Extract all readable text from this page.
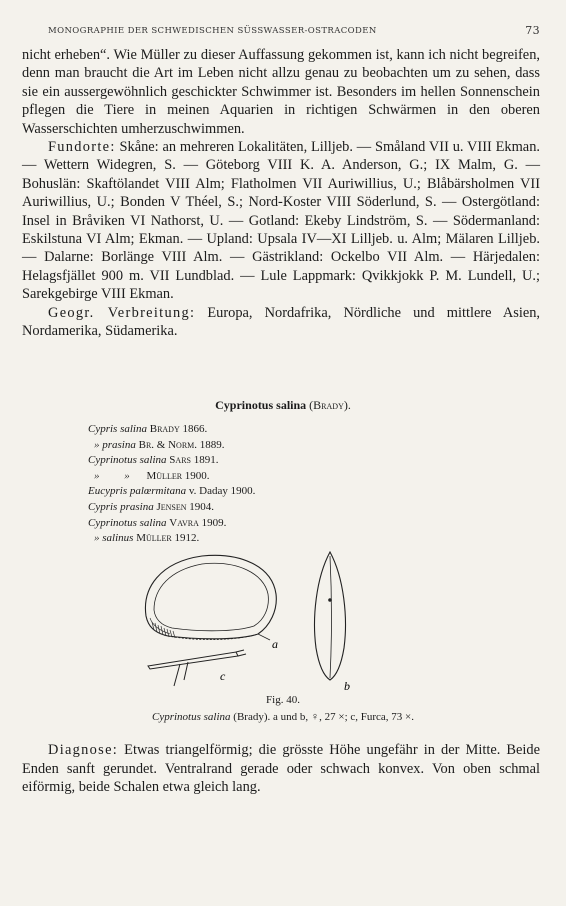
MONOGRAPHIE DER SCHWEDISCHEN SÜSSWASSER-OSTRACODEN	73

nicht erheben“. Wie Müller zu dieser Auffassung gekommen ist, kann ich nicht begreifen, denn man braucht die Art im Leben nicht allzu genau zu beobachten um zu sehen, dass sie ein aussergewöhnlich geschickter Schwimmer ist. Besonders im hellen Sonnenschein pflegen die Tiere in meinen Aquarien in richtigen Schwärmen in den oberen Wasserschichten umherzuschwimmen.

Fundorte: Skåne: an mehreren Lokalitäten, Lilljeb. — Småland VII u. VIII Ekman. — Wettern Widegren, S. — Göteborg VIII K. A. Anderson, G.; IX Malm, G. — Bohuslän: Skaftölandet VIII Alm; Flatholmen VII Auriwillius, U.; Blåbärsholmen VII Auriwillius, U.; Bonden V Théel, S.; Nord-Koster VIII Söderlund, S. — Ostergötland: Insel in Bråviken VI Nathorst, U. — Gotland: Ekeby Lindström, S. — Södermanland: Eskilstuna VI Alm; Ekman. — Upland: Upsala IV—XI Lilljeb. u. Alm; Mälaren Lilljeb. — Dalarne: Borlänge VIII Alm. — Gästrikland: Ockelbo VII Alm. — Härjedalen: Helagsfjället 900 m. VII Lundblad. — Lule Lappmark: Qvikkjokk P. M. Lundell, U.; Sarekgebirge VIII Ekman.

Geogr. Verbreitung: Europa, Nordafrika, Nördliche und mittlere Asien, Nordamerika, Südamerika.

Cyprinotus salina (Brady).
Cypris salina Brady 1866.
» prasina Br. & Norm. 1889.
Cyprinotus salina Sars 1891.
» » Müller 1900.
Eucypris palœrmitana v. Daday 1900.
Cypris prasina Jensen 1904.
Cyprinotus salina Vavra 1909.
» salinus Müller 1912.
a
c
b
Fig. 40.
Cyprinotus salina (Brady). a und b, ♀, 27 ×; c, Furca, 73 ×.
Diagnose: Etwas triangelförmig; die grösste Höhe ungefähr in der Mitte. Beide Enden sanft gerundet. Ventralrand gerade oder schwach konvex. Von oben schmal eiförmig, beide Schalen etwa gleich lang.
